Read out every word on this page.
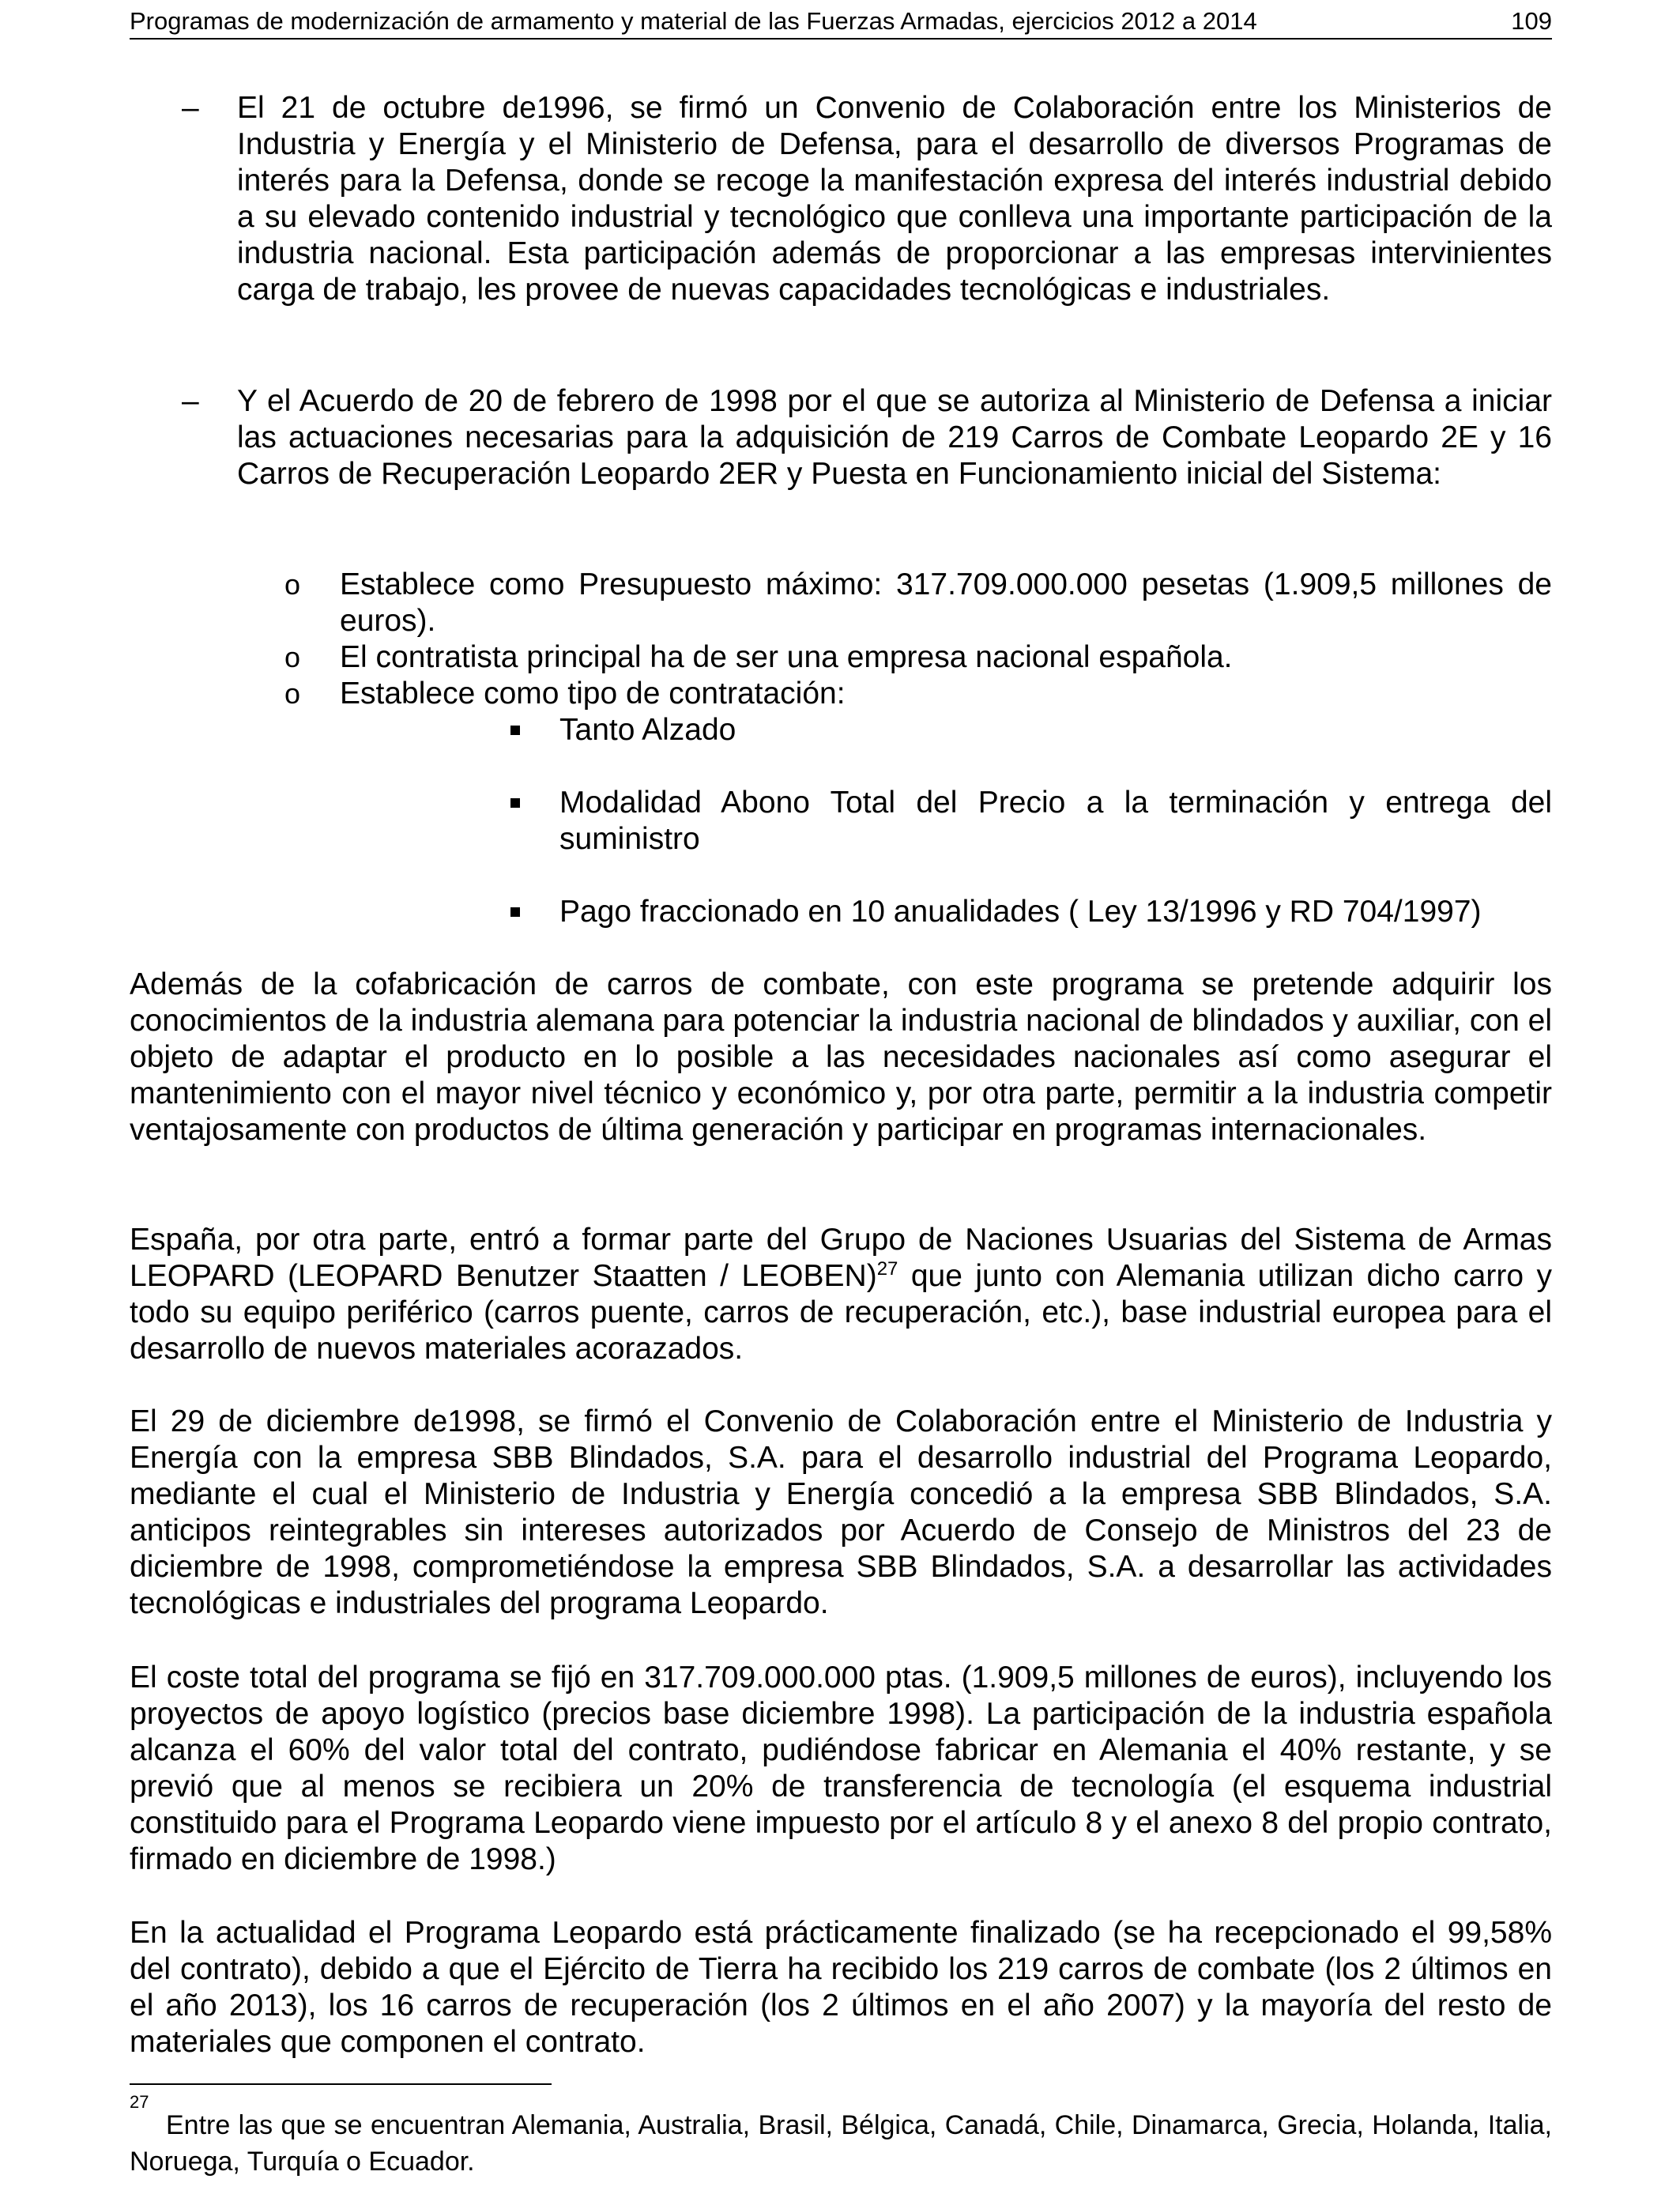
Programas de modernización de armamento y material de las Fuerzas Armadas, ejercicios 2012 a 2014	109
– El 21 de octubre de1996, se firmó un Convenio de Colaboración entre los Ministerios de Industria y Energía y el Ministerio de Defensa, para el desarrollo de diversos Programas de interés para la Defensa, donde se recoge la manifestación expresa del interés industrial debido a su elevado contenido industrial y tecnológico que conlleva una importante participación de la industria nacional. Esta participación además de proporcionar a las empresas intervinientes carga de trabajo, les provee de nuevas capacidades tecnológicas e industriales.

– Y el Acuerdo de 20 de febrero de 1998 por el que se autoriza al Ministerio de Defensa a iniciar las actuaciones necesarias para la adquisición de 219 Carros de Combate Leopardo 2E y 16 Carros de Recuperación Leopardo 2ER y Puesta en Funcionamiento inicial del Sistema:

o Establece como Presupuesto máximo: 317.709.000.000 pesetas (1.909,5 millones de euros).

o El contratista principal ha de ser una empresa nacional española.

o Establece como tipo de contratación:

Tanto Alzado

Modalidad Abono Total del Precio a la terminación y entrega del suministro

Pago fraccionado en 10 anualidades ( Ley 13/1996 y RD 704/1997)

Además de la cofabricación de carros de combate, con este programa se pretende adquirir los conocimientos de la industria alemana para potenciar la industria nacional de blindados y auxiliar, con el objeto de adaptar el producto en lo posible a las necesidades nacionales así como asegurar el mantenimiento con el mayor nivel técnico y económico y, por otra parte, permitir a la industria competir ventajosamente con productos de última generación y participar en programas internacionales.

España, por otra parte, entró a formar parte del Grupo de Naciones Usuarias del Sistema de Armas LEOPARD (LEOPARD Benutzer Staatten / LEOBEN)$^{27}$ que junto con Alemania utilizan dicho carro y todo su equipo periférico (carros puente, carros de recuperación, etc.), base industrial europea para el desarrollo de nuevos materiales acorazados.

El 29 de diciembre de1998, se firmó el Convenio de Colaboración entre el Ministerio de Industria y Energía con la empresa SBB Blindados, S.A. para el desarrollo industrial del Programa Leopardo, mediante el cual el Ministerio de Industria y Energía concedió a la empresa SBB Blindados, S.A. anticipos reintegrables sin intereses autorizados por Acuerdo de Consejo de Ministros del 23 de diciembre de 1998, comprometiéndose la empresa SBB Blindados, S.A. a desarrollar las actividades tecnológicas e industriales del programa Leopardo.

El coste total del programa se fijó en 317.709.000.000 ptas. (1.909,5 millones de euros), incluyendo los proyectos de apoyo logístico (precios base diciembre 1998). La participación de la industria española alcanza el 60% del valor total del contrato, pudiéndose fabricar en Alemania el 40% restante, y se previó que al menos se recibiera un 20% de transferencia de tecnología (el esquema industrial constituido para el Programa Leopardo viene impuesto por el artículo 8 y el anexo 8 del propio contrato, firmado en diciembre de 1998.)

En la actualidad el Programa Leopardo está prácticamente finalizado (se ha recepcionado el 99,58% del contrato), debido a que el Ejército de Tierra ha recibido los 219 carros de combate (los 2 últimos en el año 2013), los 16 carros de recuperación (los 2 últimos en el año 2007) y la mayoría del resto de materiales que componen el contrato.

27

Entre las que se encuentran Alemania, Australia, Brasil, Bélgica, Canadá, Chile, Dinamarca, Grecia, Holanda, Italia, Noruega, Turquía o Ecuador.
